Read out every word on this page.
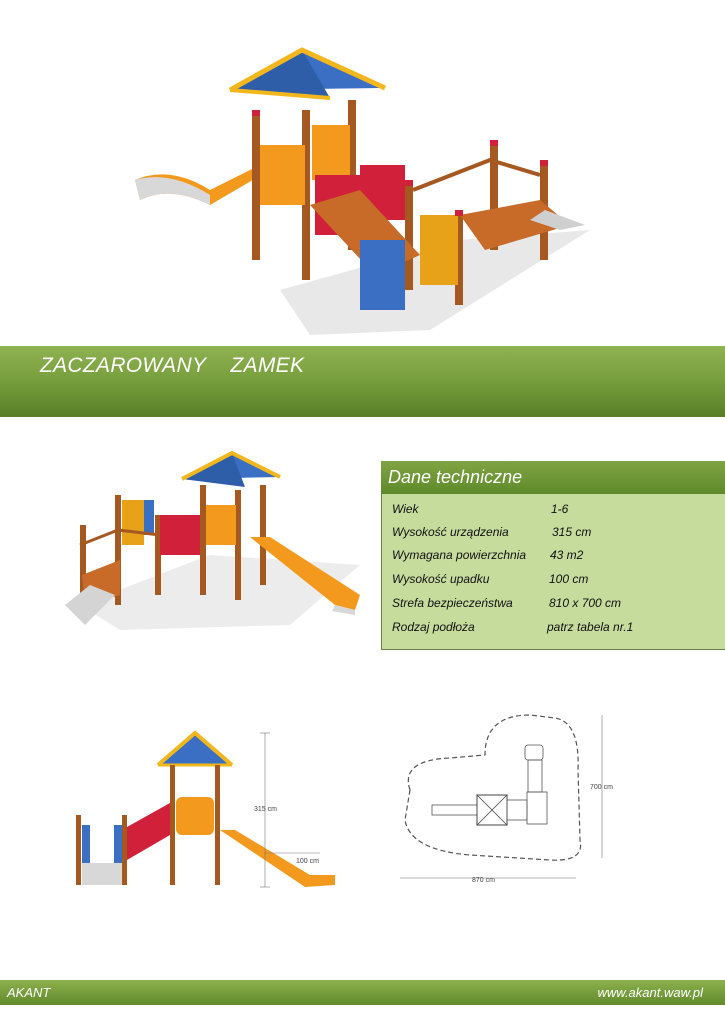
ZACZAROWANY    ZAMEK
Dane techniczne
Wiek	1-6
Wysokość urządzenia	315 cm
Wymagana powierzchnia 43 m2
Wysokość upadku	100 cm
Strefa bezpieczeństwa	810 x 700 cm
Rodzaj podłoża	patrz tabela nr.1
315 cm
100 cm
700 cm
870 cm
AKANT	www.akant.waw.pl
